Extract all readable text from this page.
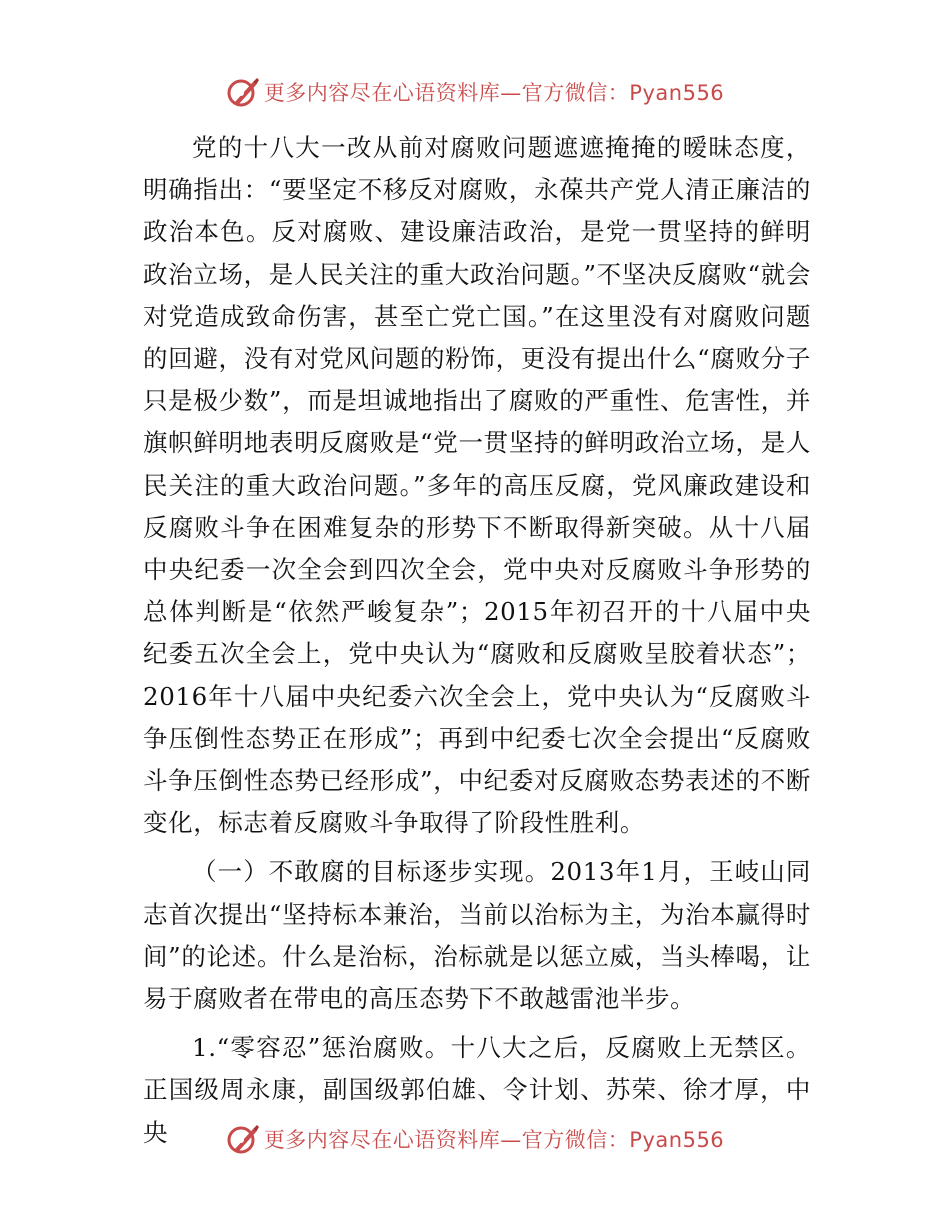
更多内容尽在心语资料库—官方微信：Pyan556

党的十八大一改从前对腐败问题遮遮掩掩的暧昧态度，明确指出：“要坚定不移反对腐败，永葆共产党人清正廉洁的政治本色。反对腐败、建设廉洁政治，是党一贯坚持的鲜明政治立场，是人民关注的重大政治问题。”不坚决反腐败“就会对党造成致命伤害，甚至亡党亡国。”在这里没有对腐败问题的回避，没有对党风问题的粉饰，更没有提出什么“腐败分子只是极少数”，而是坦诚地指出了腐败的严重性、危害性，并旗帜鲜明地表明反腐败是“党一贯坚持的鲜明政治立场，是人民关注的重大政治问题。”多年的高压反腐，党风廉政建设和反腐败斗争在困难复杂的形势下不断取得新突破。从十八届中央纪委一次全会到四次全会，党中央对反腐败斗争形势的总体判断是“依然严峻复杂”；2015年初召开的十八届中央纪委五次全会上，党中央认为“腐败和反腐败呈胶着状态”；2016年十八届中央纪委六次全会上，党中央认为“反腐败斗争压倒性态势正在形成”；再到中纪委七次全会提出“反腐败斗争压倒性态势已经形成”，中纪委对反腐败态势表述的不断变化，标志着反腐败斗争取得了阶段性胜利。

（一）不敢腐的目标逐步实现。2013年1月，王岐山同志首次提出“坚持标本兼治，当前以治标为主，为治本赢得时间”的论述。什么是治标，治标就是以惩立威，当头棒喝，让易于腐败者在带电的高压态势下不敢越雷池半步。

1.“零容忍”惩治腐败。十八大之后，反腐败上无禁区。正国级周永康，副国级郭伯雄、令计划、苏荣、徐才厚，中央	更多内容尽在心语资料库—官方微信：Pyan556
